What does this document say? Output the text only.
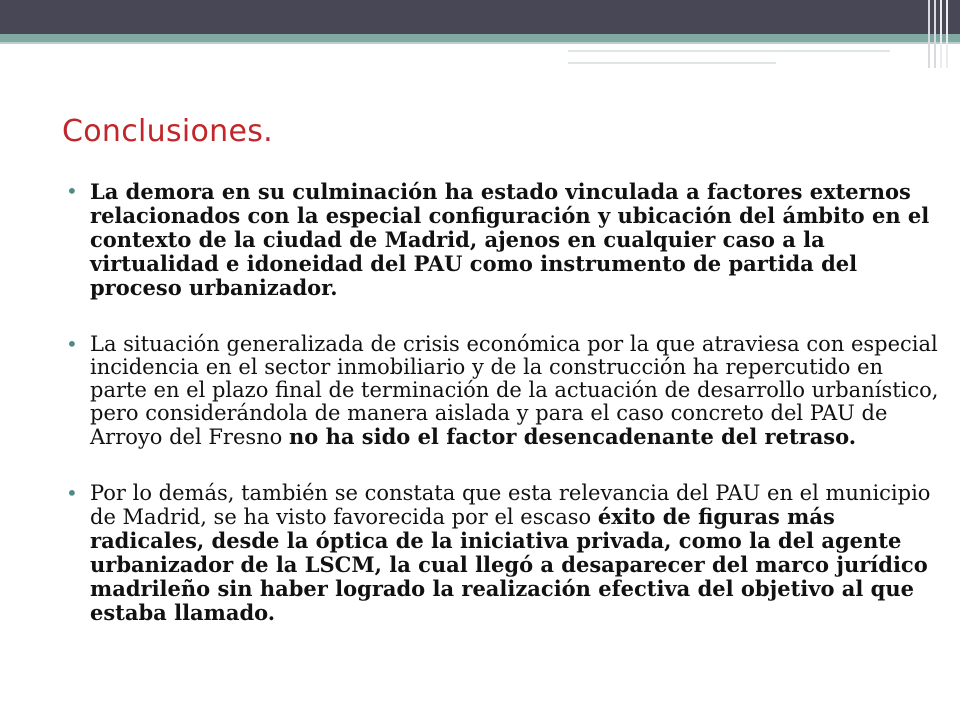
Conclusiones.
• La demora en su culminación ha estado vinculada a factores externos relacionados con la especial configuración y ubicación del ámbito en el contexto de la ciudad de Madrid, ajenos en cualquier caso a la virtualidad e idoneidad del PAU como instrumento de partida del proceso urbanizador.
• La situación generalizada de crisis económica por la que atraviesa con especial incidencia en el sector inmobiliario y de la construcción ha repercutido en parte en el plazo final de terminación de la actuación de desarrollo urbanístico, pero considerándola de manera aislada y para el caso concreto del PAU de Arroyo del Fresno no ha sido el factor desencadenante del retraso.
• Por lo demás, también se constata que esta relevancia del PAU en el municipio de Madrid, se ha visto favorecida por el escaso éxito de figuras más radicales, desde la óptica de la iniciativa privada, como la del agente urbanizador de la LSCM, la cual llegó a desaparecer del marco jurídico madrileño sin haber logrado la realización efectiva del objetivo al que estaba llamado.
